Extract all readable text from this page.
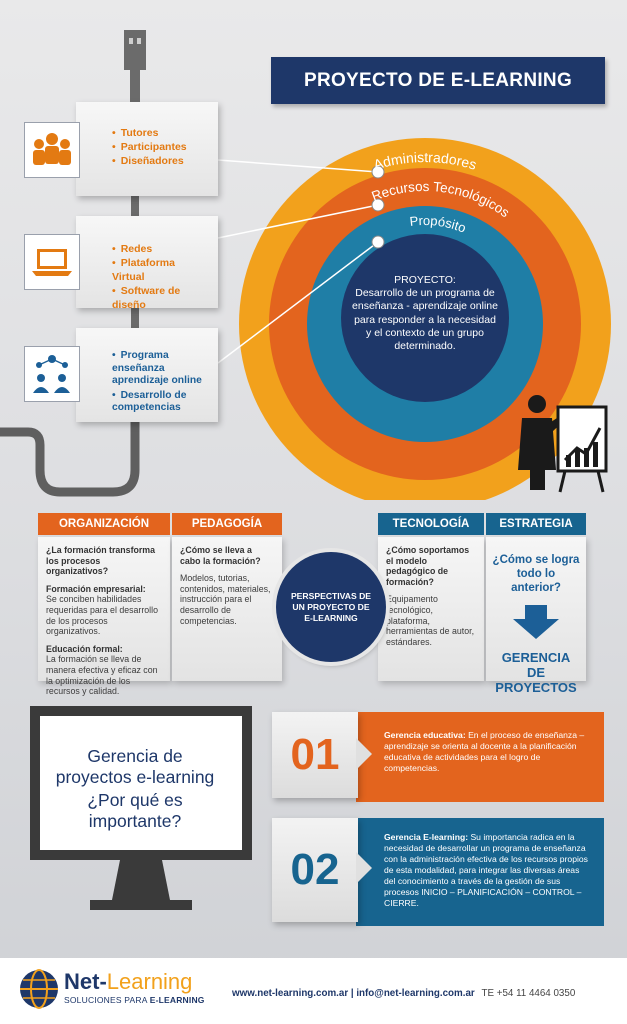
Administradores
Recursos Tecnológicos
Propósito
PROYECTO DE E-LEARNING
PROYECTO:
Desarrollo de un programa de enseñanza - aprendizaje online para responder a la necesidad y el contexto de un grupo determinado.
• Tutores
• Participantes
• Diseñadores
• Redes
• Plataforma Virtual
• Software de diseño
• Programa enseñanza aprendizaje online
• Desarrollo de competencias
ORGANIZACIÓN	PEDAGOGÍA	TECNOLOGÍA	ESTRATEGIA

¿La formación transforma los procesos organizativos?

Formación empresarial:
Se conciben habilidades requeridas para el desarrollo de los procesos organizativos.

Educación formal:
La formación se lleva de manera efectiva y eficaz con la optimización de los recursos y calidad.

¿Cómo se lleva a cabo la formación?

Modelos, tutorias, contenidos, materiales, instrucción para el desarrollo de competencias.

¿Cómo soportamos el modelo pedagógico de formación?

Equipamento tecnológico, plataforma, herramientas de autor, estándares.

¿Cómo se logra todo lo anterior?
GERENCIA DE PROYECTOS
PERSPECTIVAS DE UN PROYECTO DE E-LEARNING
Gerencia de proyectos e-learning
¿Por qué es importante?
Gerencia educativa: En el proceso de enseñanza – aprendizaje se orienta al docente a la planificación educativa de actividades para el logro de competencias.
01
Gerencia E-learning: Su importancia radica en la necesidad de desarrollar un programa de enseñanza con la administración efectiva de los recursos propios de esta modalidad, para integrar las diversas áreas del conocimiento a través de la gestión de sus procesos INICIO – PLANIFICACIÓN – CONTROL – CIERRE.
02
Net-Learning
SOLUCIONES PARA E-LEARNING
www.net-learning.com.ar | info@net-learning.com.ar TE +54 11 4464 0350
